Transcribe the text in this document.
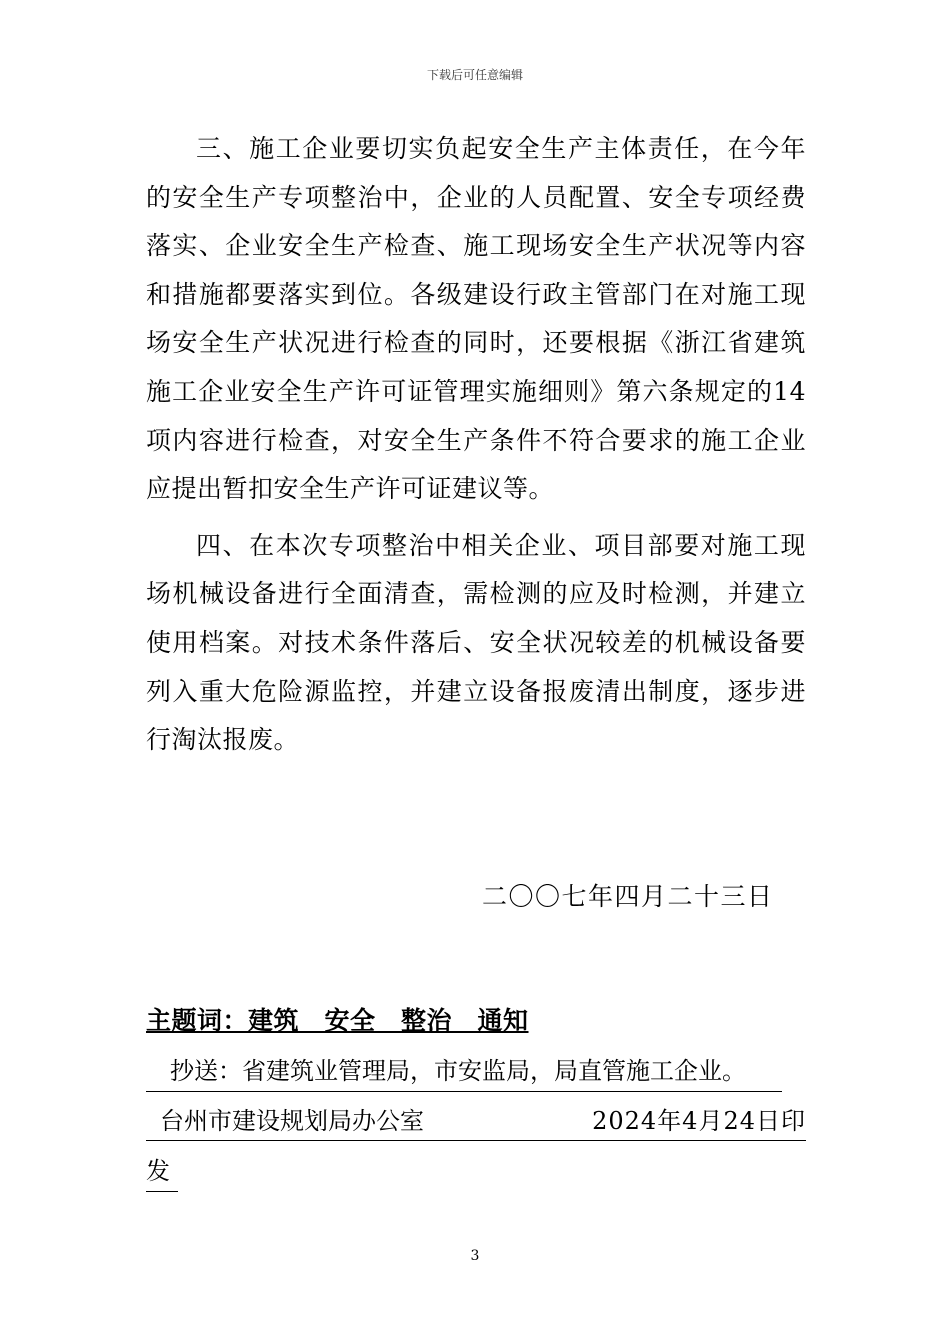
下载后可任意编辑

三、施工企业要切实负起安全生产主体责任，在今年的安全生产专项整治中，企业的人员配置、安全专项经费落实、企业安全生产检查、施工现场安全生产状况等内容和措施都要落实到位。各级建设行政主管部门在对施工现场安全生产状况进行检查的同时，还要根据《浙江省建筑施工企业安全生产许可证管理实施细则》第六条规定的14项内容进行检查，对安全生产条件不符合要求的施工企业应提出暂扣安全生产许可证建议等。

四、在本次专项整治中相关企业、项目部要对施工现场机械设备进行全面清查，需检测的应及时检测，并建立使用档案。对技术条件落后、安全状况较差的机械设备要列入重大危险源监控，并建立设备报废清出制度，逐步进行淘汰报废。

二〇〇七年四月二十三日
主题词：建筑　安全　整治　通知
抄送：省建筑业管理局，市安监局，局直管施工企业。
台州市建设规划局办公室	2024年4月24日印
发
3
